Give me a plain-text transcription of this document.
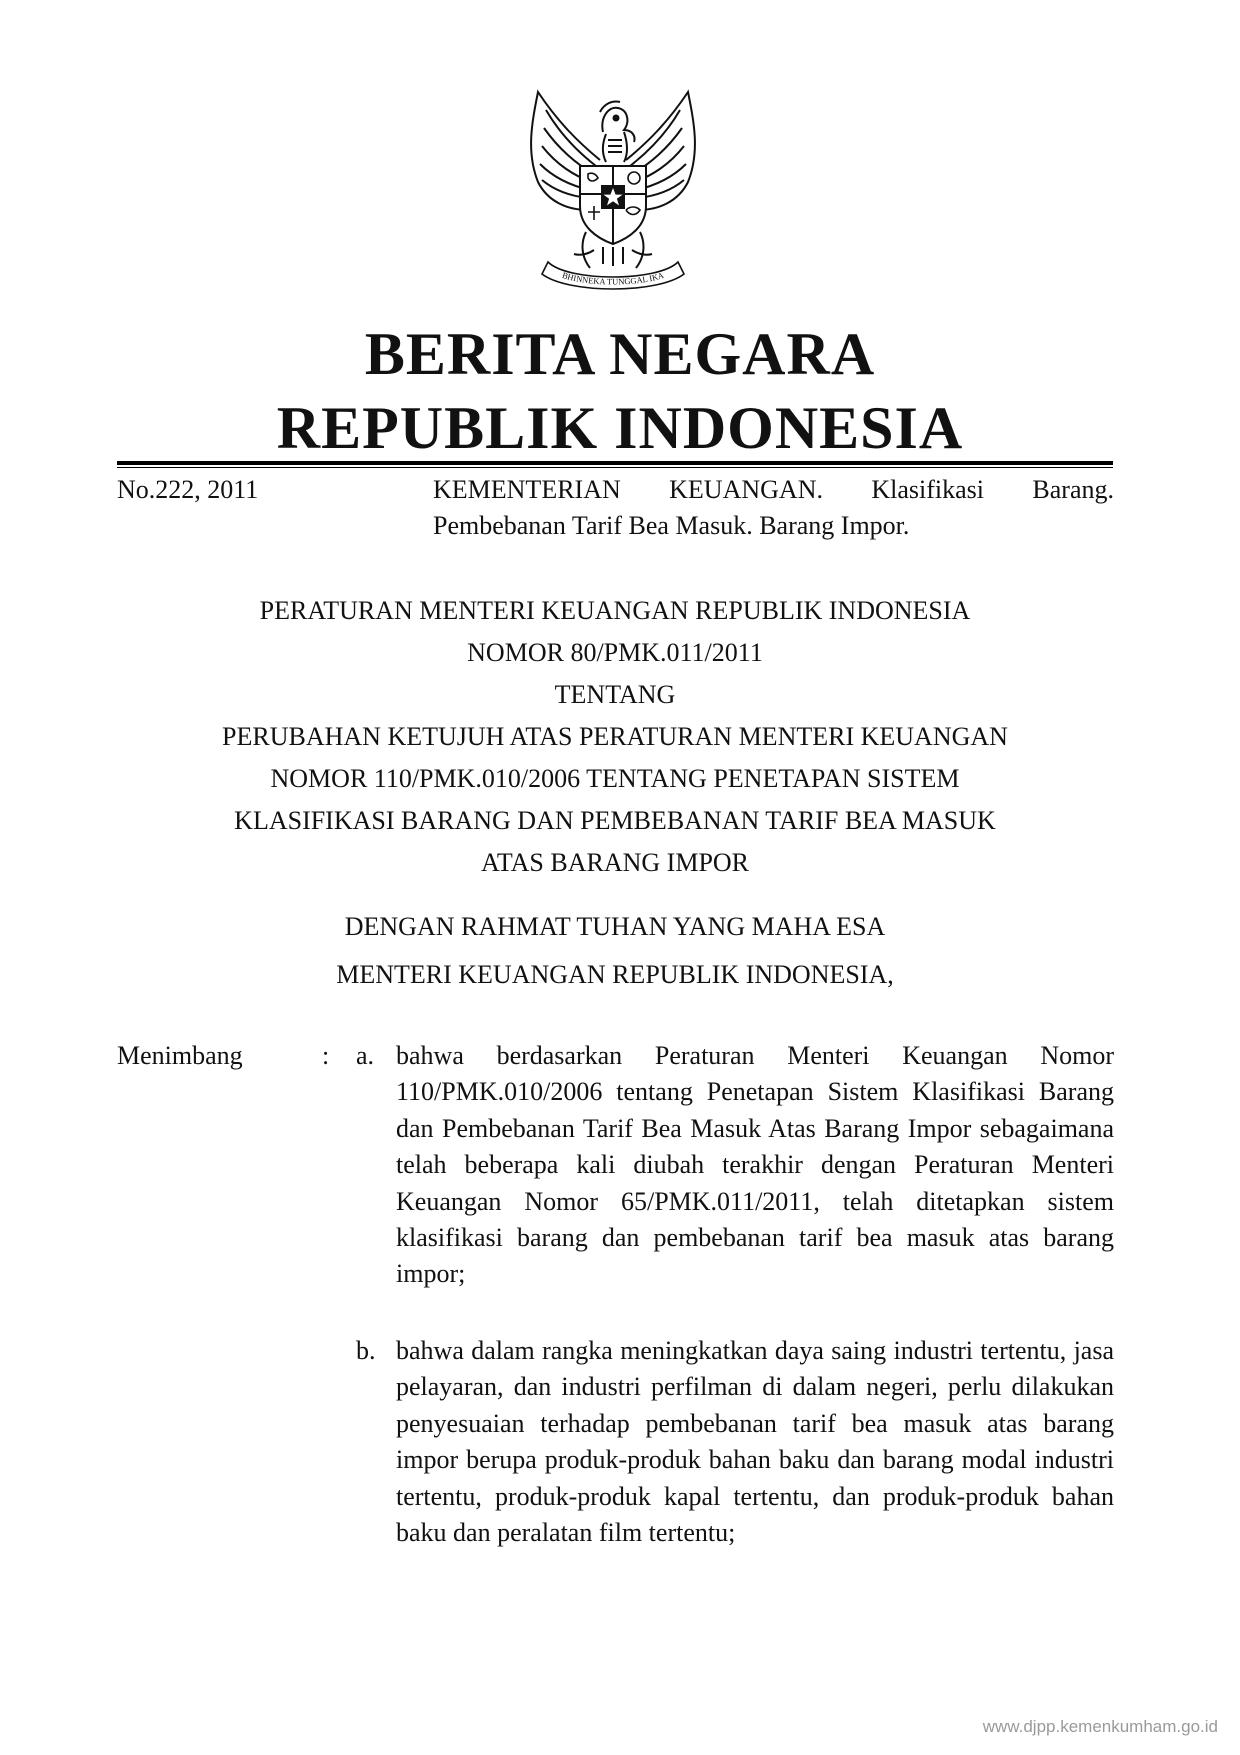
BHINNEKA TUNGGAL IKA
BERITA NEGARA
REPUBLIK INDONESIA
No.222, 2011	KEMENTERIAN KEUANGAN. Klasifikasi Barang.
Pembebanan Tarif Bea Masuk. Barang Impor.
PERATURAN MENTERI KEUANGAN REPUBLIK INDONESIA
NOMOR 80/PMK.011/2011
TENTANG
PERUBAHAN KETUJUH ATAS PERATURAN MENTERI KEUANGAN
NOMOR 110/PMK.010/2006 TENTANG PENETAPAN SISTEM
KLASIFIKASI BARANG DAN PEMBEBANAN TARIF BEA MASUK
ATAS BARANG IMPOR
DENGAN RAHMAT TUHAN YANG MAHA ESA
MENTERI KEUANGAN REPUBLIK INDONESIA,
Menimbang	: a. bahwa berdasarkan Peraturan Menteri Keuangan Nomor 110/PMK.010/2006 tentang Penetapan Sistem Klasifikasi Barang dan Pembebanan Tarif Bea Masuk Atas Barang Impor sebagaimana telah beberapa kali diubah terakhir dengan Peraturan Menteri Keuangan Nomor 65/PMK.011/2011, telah ditetapkan sistem klasifikasi barang dan pembebanan tarif bea masuk atas barang impor;
b. bahwa dalam rangka meningkatkan daya saing industri tertentu, jasa pelayaran, dan industri perfilman di dalam negeri, perlu dilakukan penyesuaian terhadap pembebanan tarif bea masuk atas barang impor berupa produk-produk bahan baku dan barang modal industri tertentu, produk-produk kapal tertentu, dan produk-produk bahan baku dan peralatan film tertentu;
www.djpp.kemenkumham.go.id
